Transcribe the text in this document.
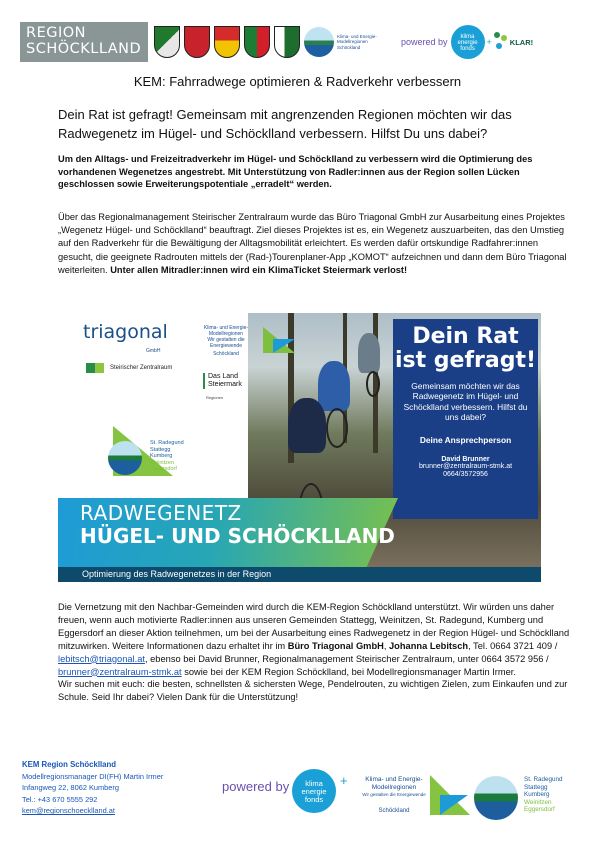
REGION
SCHÖCKLLAND
Klima- und Energie-
Modellregionen
Schöckland
powered by	klima
energie
fonds
+ KLAR!
KEM: Fahrradwege optimieren & Radverkehr verbessern
Dein Rat ist gefragt! Gemeinsam mit angrenzenden Regionen möchten wir das Radwegenetz im Hügel- und Schöcklland verbessern. Hilfst Du uns dabei?
Um den Alltags- und Freizeitradverkehr im Hügel- und Schöcklland zu verbessern wird die Optimierung des vorhandenen Wegenetzes angestrebt. Mit Unterstützung von Radler:innen aus der Region sollen Lücken geschlossen sowie Erweiterungspotentiale „erradelt“ werden.
Über das Regionalmanagement Steirischer Zentralraum wurde das Büro Triagonal GmbH zur Ausarbeitung eines Projektes „Wegenetz Hügel- und Schöcklland“ beauftragt. Ziel dieses Projektes ist es, ein Wegenetz auszuarbeiten, das den Umstieg auf den Radverkehr für die Bewältigung der Alltagsmobilität erleichtert. Es werden dafür ortskundige Radfahrer:innen gesucht, die geeignete Radrouten mittels der (Rad-)Tourenplaner-App „KOMOT“ aufzeichnen und dann dem Büro Triagonal weiterleiten. Unter allen Mitradler:innen wird ein KlimaTicket Steiermark verlost!
Dein Rat
ist gefragt!
Gemeinsam möchten wir das Radwegenetz im Hügel- und Schöcklland verbessern. Hilfst du uns dabei?
Deine Ansprechperson
David Brunner
brunner@zentralraum-stmk.at
0664/3572956
triagonal
GmbH
Klima- und Energie-
Modellregionen
Wir gestalten die Energiewende
Schöckland
Steirischer Zentralraum
Das Land
Steiermark
Regionen
St. Radegund
Stattegg
Kumberg
Weinitzen
Eggersdorf
RADWEGENETZ
HÜGEL- UND SCHÖCKLLAND
Optimierung des Radwegenetzes in der Region
Die Vernetzung mit den Nachbar-Gemeinden wird durch die KEM-Region Schöcklland unterstützt. Wir würden uns daher freuen, wenn auch motivierte Radler:innen aus unseren Gemeinden Stattegg, Weinitzen, St. Radegund, Kumberg und Eggersdorf an dieser Aktion teilnehmen, um bei der Ausarbeitung eines Radwegenetz in der Region Hügel- und Schöcklland mitzuwirken. Weitere Informationen dazu erhaltet ihr im Büro Triagonal GmbH, Johanna Lebitsch, Tel. 0664 3721 409 / lebitsch@triagonal.at, ebenso bei David Brunner, Regionalmanagement Steirischer Zentralraum, unter 0664 3572 956 / brunner@zentralraum-stmk.at sowie bei der KEM Region Schöcklland, bei Modellregionsmanager Martin Irmer.
Wir suchen mit euch: die besten, schnellsten & sichersten Wege, Pendelrouten, zu wichtigen Zielen, zum Einkaufen und zur Schule. Seid Ihr dabei? Vielen Dank für die Unterstützung!
KEM Region Schöcklland
Modellregionsmanager DI(FH) Martin Irmer
Infangweg 22, 8062 Kumberg
Tel.: +43 670 5555 292
kem@regionschoecklland.at
powered by	klima
energie
fonds
+	Klima- und Energie-
Modellregionen
Wir gestalten die Energiewende
Schöckland
St. Radegund
Stattegg
Kumberg
Weinitzen
Eggersdorf
